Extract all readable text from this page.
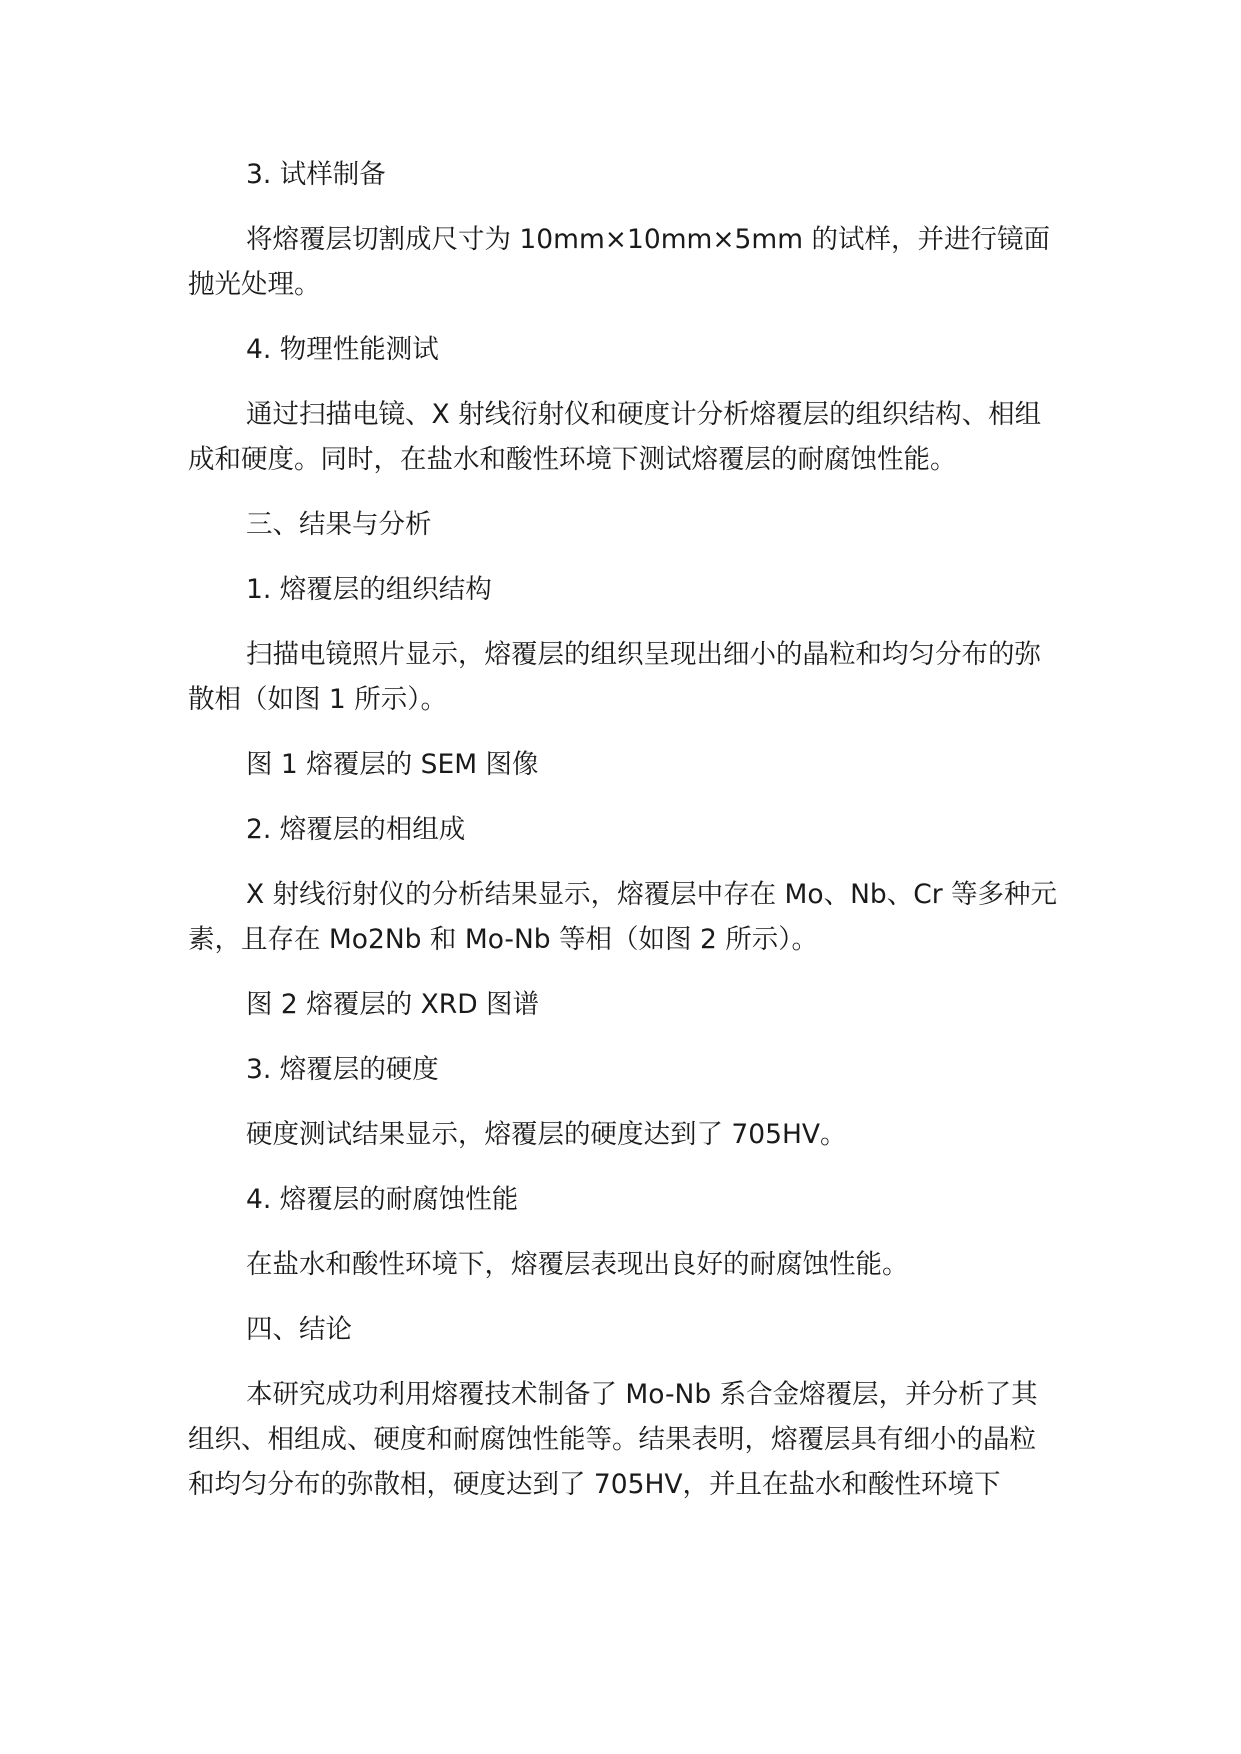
3. 试样制备

将熔覆层切割成尺寸为 10mm×10mm×5mm 的试样，并进行镜面抛光处理。

4. 物理性能测试

通过扫描电镜、X 射线衍射仪和硬度计分析熔覆层的组织结构、相组成和硬度。同时，在盐水和酸性环境下测试熔覆层的耐腐蚀性能。

三、结果与分析

1. 熔覆层的组织结构

扫描电镜照片显示，熔覆层的组织呈现出细小的晶粒和均匀分布的弥散相（如图 1 所示）。

图 1 熔覆层的 SEM 图像

2. 熔覆层的相组成

X 射线衍射仪的分析结果显示，熔覆层中存在 Mo、Nb、Cr 等多种元素，且存在 Mo2Nb 和 Mo-Nb 等相（如图 2 所示）。

图 2 熔覆层的 XRD 图谱

3. 熔覆层的硬度

硬度测试结果显示，熔覆层的硬度达到了 705HV。

4. 熔覆层的耐腐蚀性能

在盐水和酸性环境下，熔覆层表现出良好的耐腐蚀性能。

四、结论

本研究成功利用熔覆技术制备了 Mo-Nb 系合金熔覆层，并分析了其组织、相组成、硬度和耐腐蚀性能等。结果表明，熔覆层具有细小的晶粒和均匀分布的弥散相，硬度达到了 705HV，并且在盐水和酸性环境下
